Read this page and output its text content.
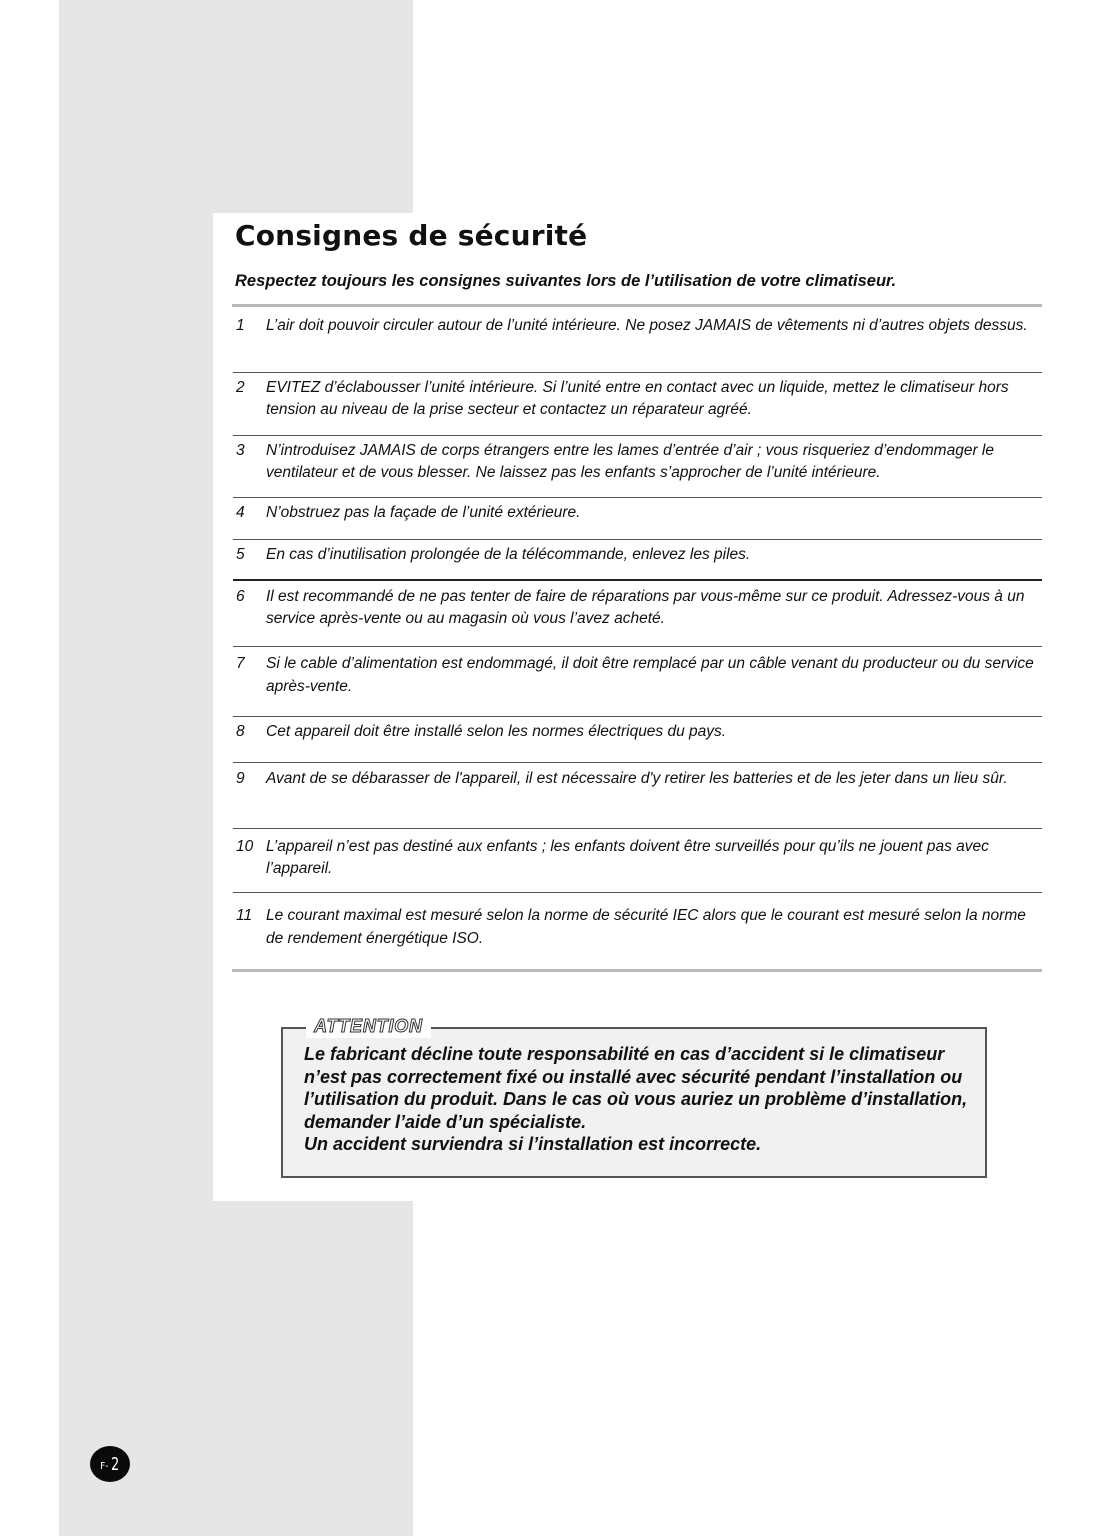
Consignes de sécurité

Respectez toujours les consignes suivantes lors de l’utilisation de votre climatiseur.

1	L’air doit pouvoir circuler autour de l’unité intérieure. Ne posez JAMAIS de vêtements ni d’autres objets dessus.
2	EVITEZ d’éclabousser l’unité intérieure. Si l’unité entre en contact avec un liquide, mettez le climatiseur hors tension au niveau de la prise secteur et contactez un réparateur agréé.
3	N’introduisez JAMAIS de corps étrangers entre les lames d’entrée d’air ; vous risqueriez d’endommager le ventilateur et de vous blesser. Ne laissez pas les enfants s’approcher de l’unité intérieure.
4	N’obstruez pas la façade de l’unité extérieure.
5	En cas d’inutilisation prolongée de la télécommande, enlevez les piles.
6	Il est recommandé de ne pas tenter de faire de réparations par vous-même sur ce produit. Adressez-vous à un service après-vente ou au magasin où vous l’avez acheté.
7	Si le cable d’alimentation est endommagé, il doit être remplacé par un câble venant du producteur ou du service après-vente.
8	Cet appareil doit être installé selon les normes électriques du pays.
9	Avant de se débarasser de l'appareil, il est nécessaire d'y retirer les batteries et de les jeter dans un lieu sûr.
10 L’appareil n’est pas destiné aux enfants ; les enfants doivent être surveillés pour qu’ils ne jouent pas avec l’appareil.
11 Le courant maximal est mesuré selon la norme de sécurité IEC alors que le courant est mesuré selon la norme de rendement énergétique ISO.
ATTENTION
Le fabricant décline toute responsabilité en cas d’accident si le climatiseur n’est pas correctement fixé ou installé avec sécurité pendant l’installation ou l’utilisation du produit. Dans le cas où vous auriez un problème d’installation, demander l’aide d’un spécialiste.
Un accident surviendra si l’installation est incorrecte.
F- 2
